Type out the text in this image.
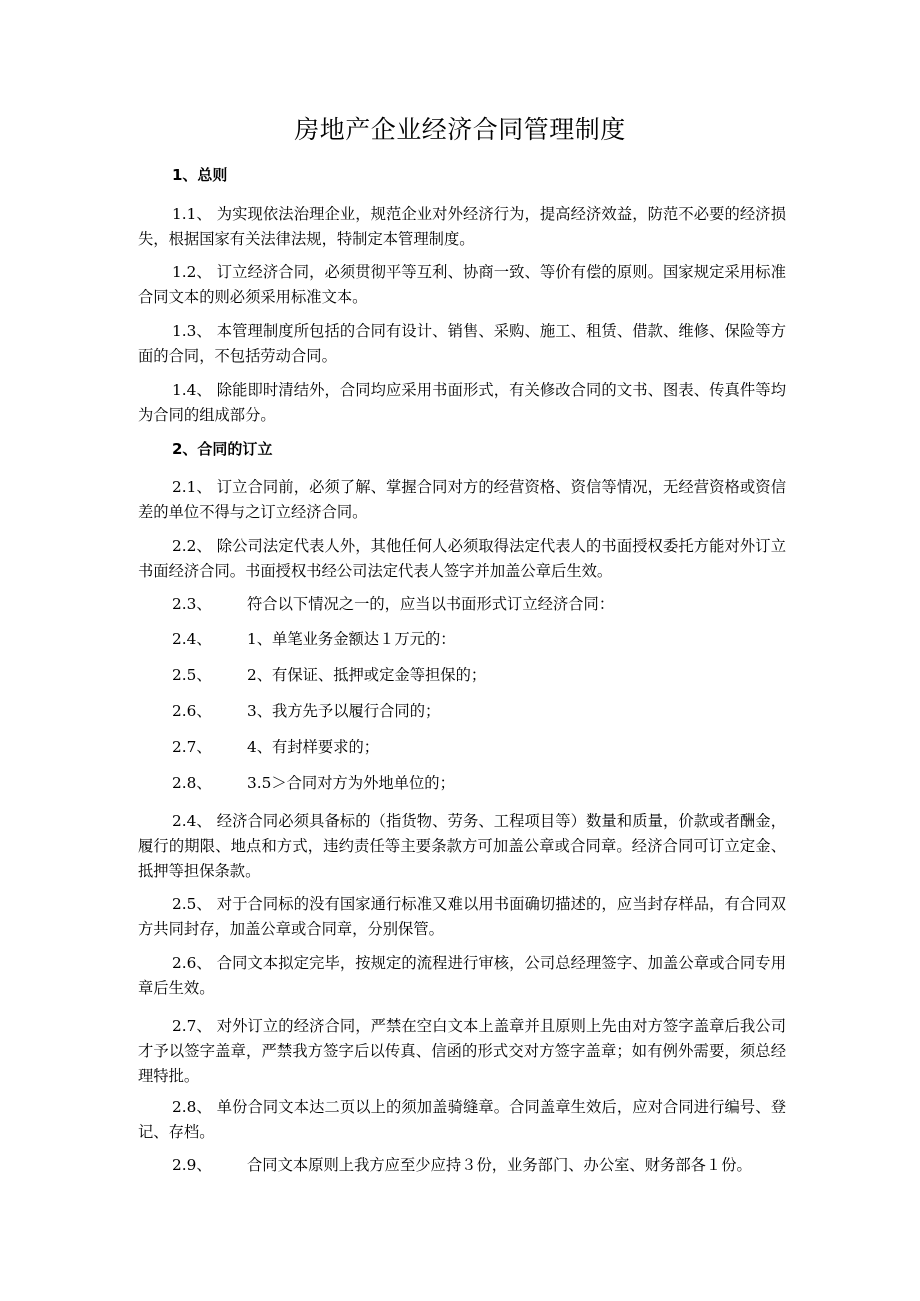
房地产企业经济合同管理制度
1、总则

1.1、 为实现依法治理企业，规范企业对外经济行为，提高经济效益，防范不必要的经济损失，根据国家有关法律法规，特制定本管理制度。

1.2、 订立经济合同，必须贯彻平等互利、协商一致、等价有偿的原则。国家规定采用标准合同文本的则必须采用标准文本。

1.3、 本管理制度所包括的合同有设计、销售、采购、施工、租赁、借款、维修、保险等方面的合同，不包括劳动合同。

1.4、 除能即时清结外，合同均应采用书面形式，有关修改合同的文书、图表、传真件等均为合同的组成部分。

2、合同的订立

2.1、 订立合同前，必须了解、掌握合同对方的经营资格、资信等情况，无经营资格或资信差的单位不得与之订立经济合同。

2.2、 除公司法定代表人外，其他任何人必须取得法定代表人的书面授权委托方能对外订立书面经济合同。书面授权书经公司法定代表人签字并加盖公章后生效。

2.3、 符合以下情况之一的，应当以书面形式订立经济合同：
2.4、 1、单笔业务金额达１万元的：
2.5、 2、有保证、抵押或定金等担保的；
2.6、 3、我方先予以履行合同的；
2.7、 4、有封样要求的；
2.8、 3.5＞合同对方为外地单位的；

2.4、 经济合同必须具备标的（指货物、劳务、工程项目等）数量和质量，价款或者酬金，履行的期限、地点和方式，违约责任等主要条款方可加盖公章或合同章。经济合同可订立定金、抵押等担保条款。

2.5、 对于合同标的没有国家通行标准又难以用书面确切描述的，应当封存样品，有合同双方共同封存，加盖公章或合同章，分别保管。

2.6、 合同文本拟定完毕，按规定的流程进行审核，公司总经理签字、加盖公章或合同专用章后生效。

2.7、 对外订立的经济合同，严禁在空白文本上盖章并且原则上先由对方签字盖章后我公司才予以签字盖章，严禁我方签字后以传真、信函的形式交对方签字盖章；如有例外需要，须总经理特批。

2.8、 单份合同文本达二页以上的须加盖骑缝章。合同盖章生效后，应对合同进行编号、登记、存档。

2.9、 合同文本原则上我方应至少应持３份，业务部门、办公室、财务部各１份。
